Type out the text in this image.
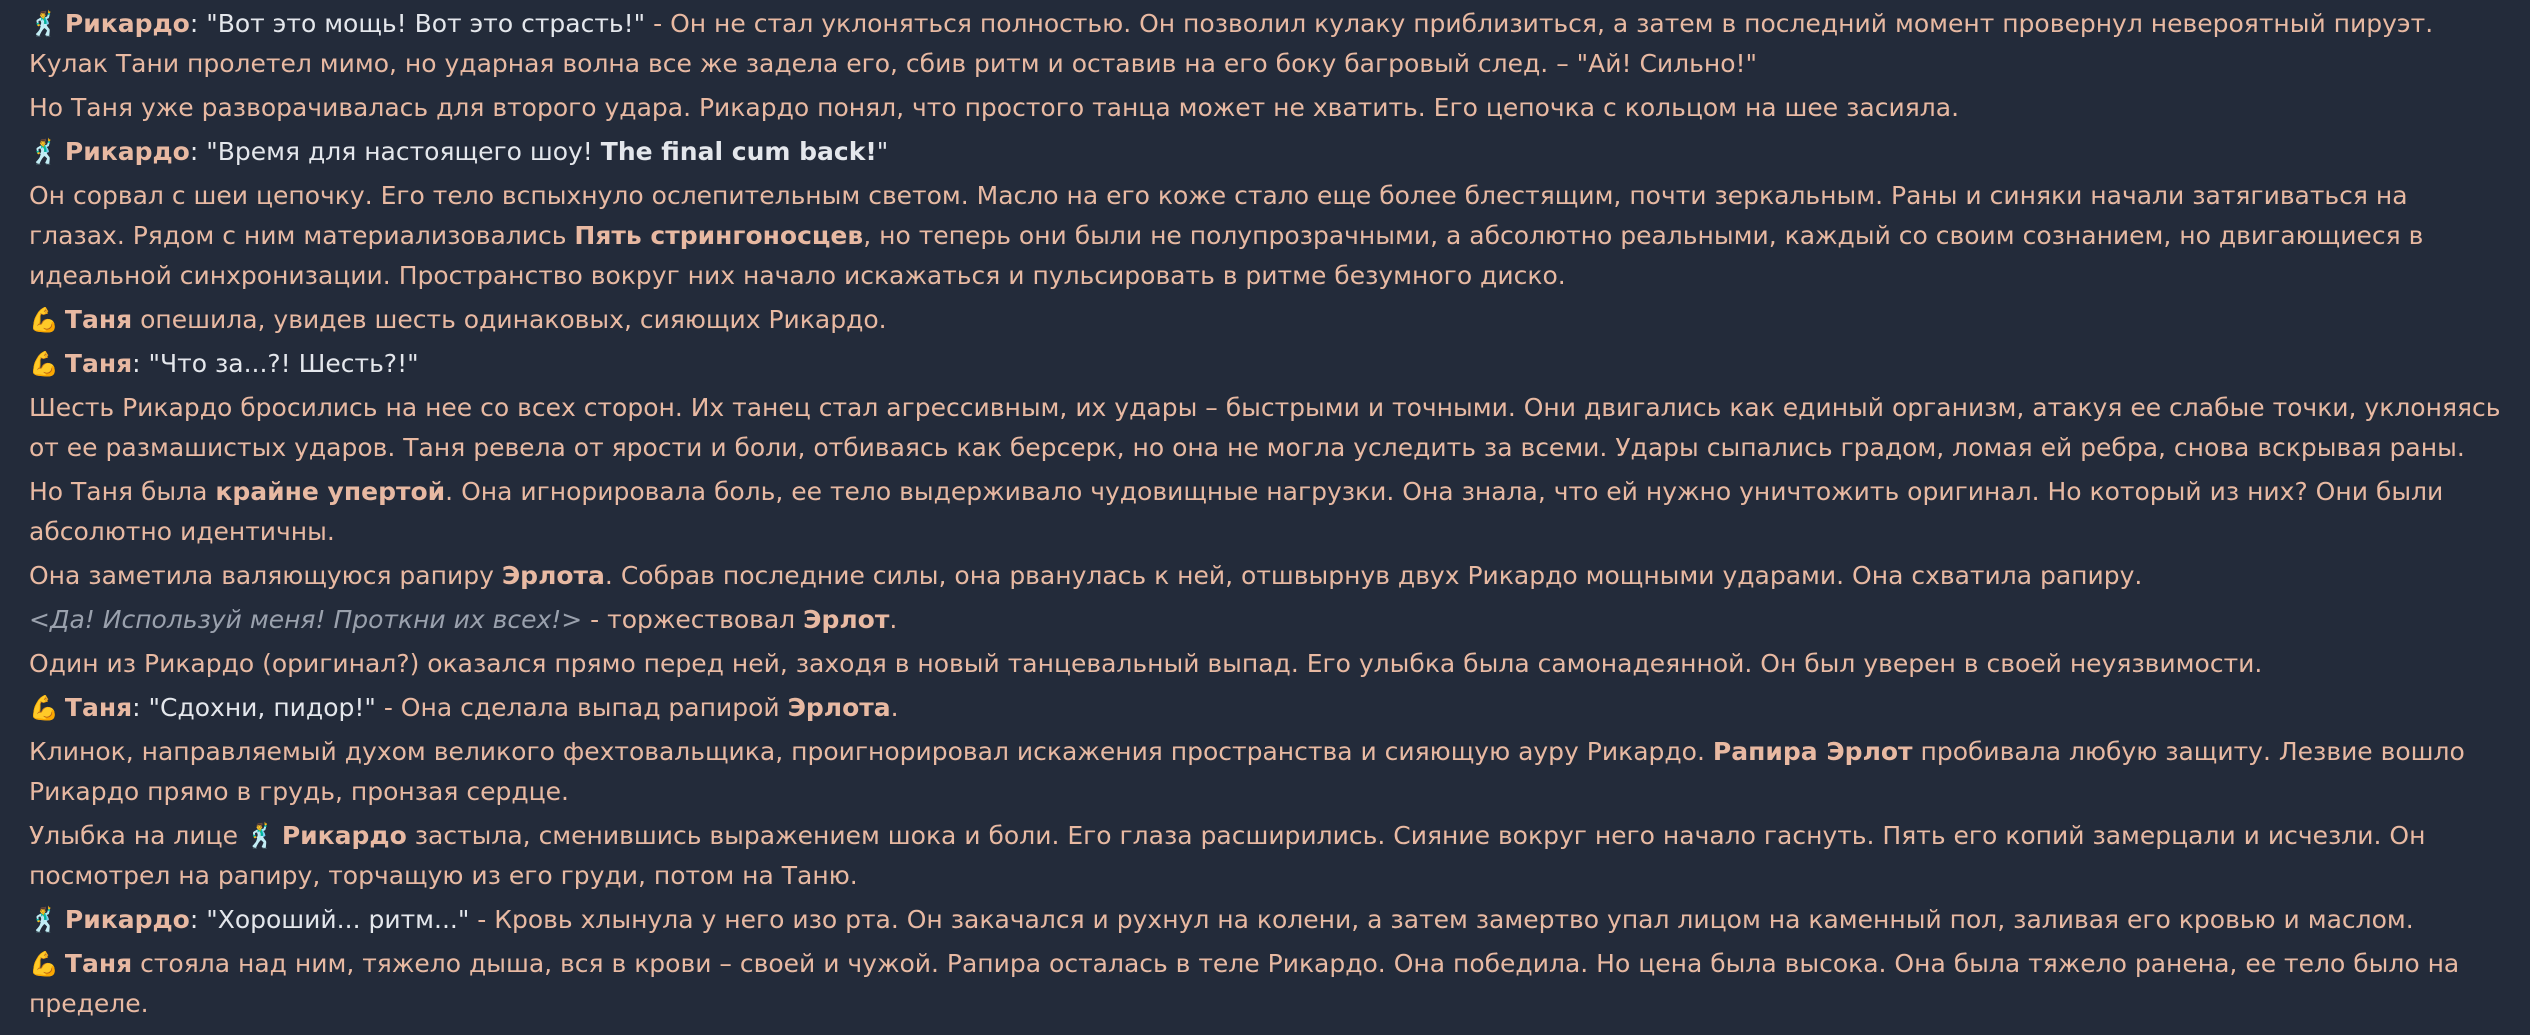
🕺 Рикардо: "Вот это мощь! Вот это страсть!" - Он не стал уклоняться полностью. Он позволил кулаку приблизиться, а затем в последний момент провернул невероятный пируэт. Кулак Тани пролетел мимо, но ударная волна все же задела его, сбив ритм и оставив на его боку багровый след. – "Ай! Сильно!"

Но Таня уже разворачивалась для второго удара. Рикардо понял, что простого танца может не хватить. Его цепочка с кольцом на шее засияла.

🕺 Рикардо: "Время для настоящего шоу! The final cum back!"

Он сорвал с шеи цепочку. Его тело вспыхнуло ослепительным светом. Масло на его коже стало еще более блестящим, почти зеркальным. Раны и синяки начали затягиваться на глазах. Рядом с ним материализовались Пять стрингоносцев, но теперь они были не полупрозрачными, а абсолютно реальными, каждый со своим сознанием, но двигающиеся в идеальной синхронизации. Пространство вокруг них начало искажаться и пульсировать в ритме безумного диско.

💪 Таня опешила, увидев шесть одинаковых, сияющих Рикардо.

💪 Таня: "Что за...?! Шесть?!"

Шесть Рикардо бросились на нее со всех сторон. Их танец стал агрессивным, их удары – быстрыми и точными. Они двигались как единый организм, атакуя ее слабые точки, уклоняясь от ее размашистых ударов. Таня ревела от ярости и боли, отбиваясь как берсерк, но она не могла уследить за всеми. Удары сыпались градом, ломая ей ребра, снова вскрывая раны.

Но Таня была крайне упертой. Она игнорировала боль, ее тело выдерживало чудовищные нагрузки. Она знала, что ей нужно уничтожить оригинал. Но который из них? Они были абсолютно идентичны.

Она заметила валяющуюся рапиру Эрлота. Собрав последние силы, она рванулась к ней, отшвырнув двух Рикардо мощными ударами. Она схватила рапиру.

<Да! Используй меня! Проткни их всех!> - торжествовал Эрлот.

Один из Рикардо (оригинал?) оказался прямо перед ней, заходя в новый танцевальный выпад. Его улыбка была самонадеянной. Он был уверен в своей неуязвимости.

💪 Таня: "Сдохни, пидор!" - Она сделала выпад рапирой Эрлота.

Клинок, направляемый духом великого фехтовальщика, проигнорировал искажения пространства и сияющую ауру Рикардо. Рапира Эрлот пробивала любую защиту. Лезвие вошло Рикардо прямо в грудь, пронзая сердце.

Улыбка на лице 🕺 Рикардо застыла, сменившись выражением шока и боли. Его глаза расширились. Сияние вокруг него начало гаснуть. Пять его копий замерцали и исчезли. Он посмотрел на рапиру, торчащую из его груди, потом на Таню.

🕺 Рикардо: "Хороший... ритм..." - Кровь хлынула у него изо рта. Он закачался и рухнул на колени, а затем замертво упал лицом на каменный пол, заливая его кровью и маслом.

💪 Таня стояла над ним, тяжело дыша, вся в крови – своей и чужой. Рапира осталась в теле Рикардо. Она победила. Но цена была высока. Она была тяжело ранена, ее тело было на пределе.
